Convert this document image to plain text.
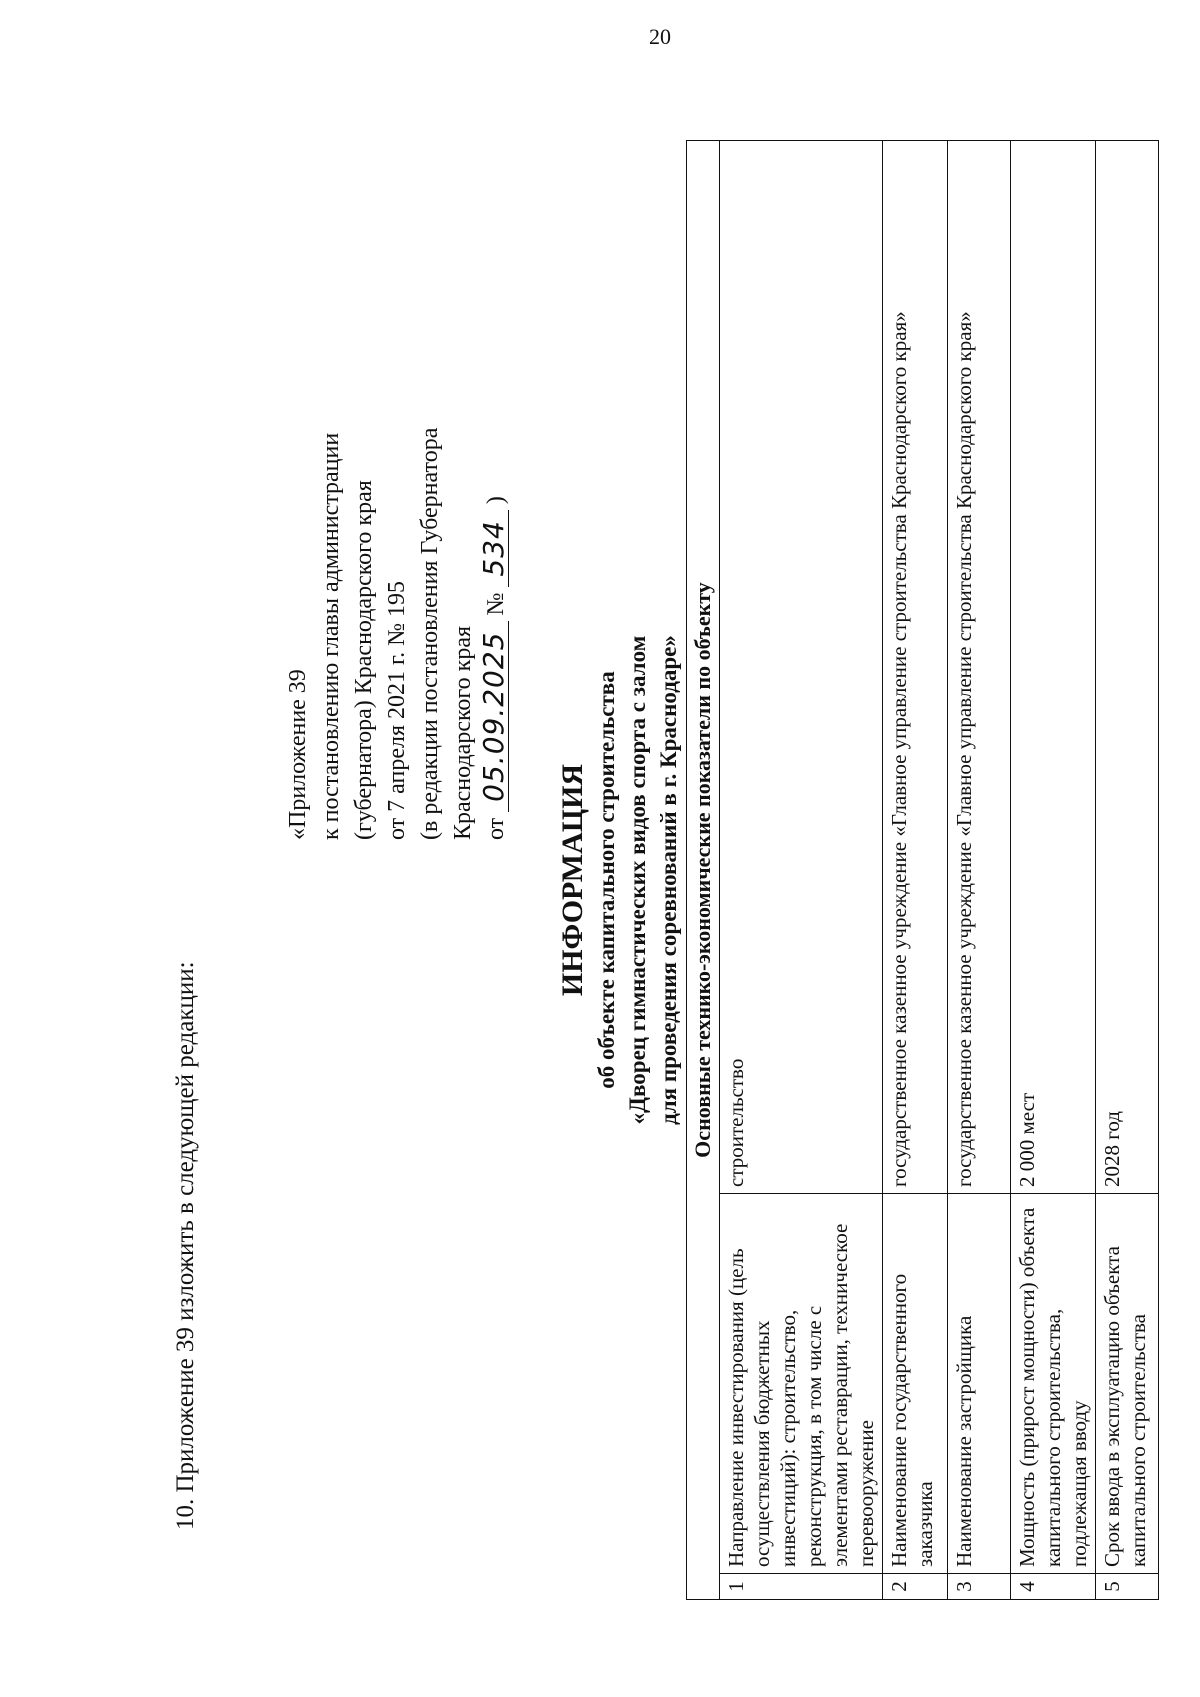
20
10. Приложение 39 изложить в следующей редакции:
«Приложение 39 к постановлению главы администрации (губернатора) Краснодарского края от 7 апреля 2021 г. № 195 (в редакции постановления Губернатора Краснодарского края от 05.09.2025 № 534 )
ИНФОРМАЦИЯ об объекте капитального строительства «Дворец гимнастических видов спорта с залом для проведения соревнований в г. Краснодаре» Основные технико-экономические показатели по объекту		
1	Направление инвестирования (цель осуществления бюджетных инвестиций): строительство, реконструкция, в том числе с элементами реставрации, техническое перевооружение	строительство
2	Наименование государственного заказчика	государственное казенное учреждение «Главное управление строительства Краснодарского края»
3	Наименование застройщика	государственное казенное учреждение «Главное управление строительства Краснодарского края»
4	Мощность (прирост мощности) объекта капитального строительства, подлежащая вводу	2 000 мест
5	Срок ввода в эксплуатацию объекта капитального строительства	2028 год
